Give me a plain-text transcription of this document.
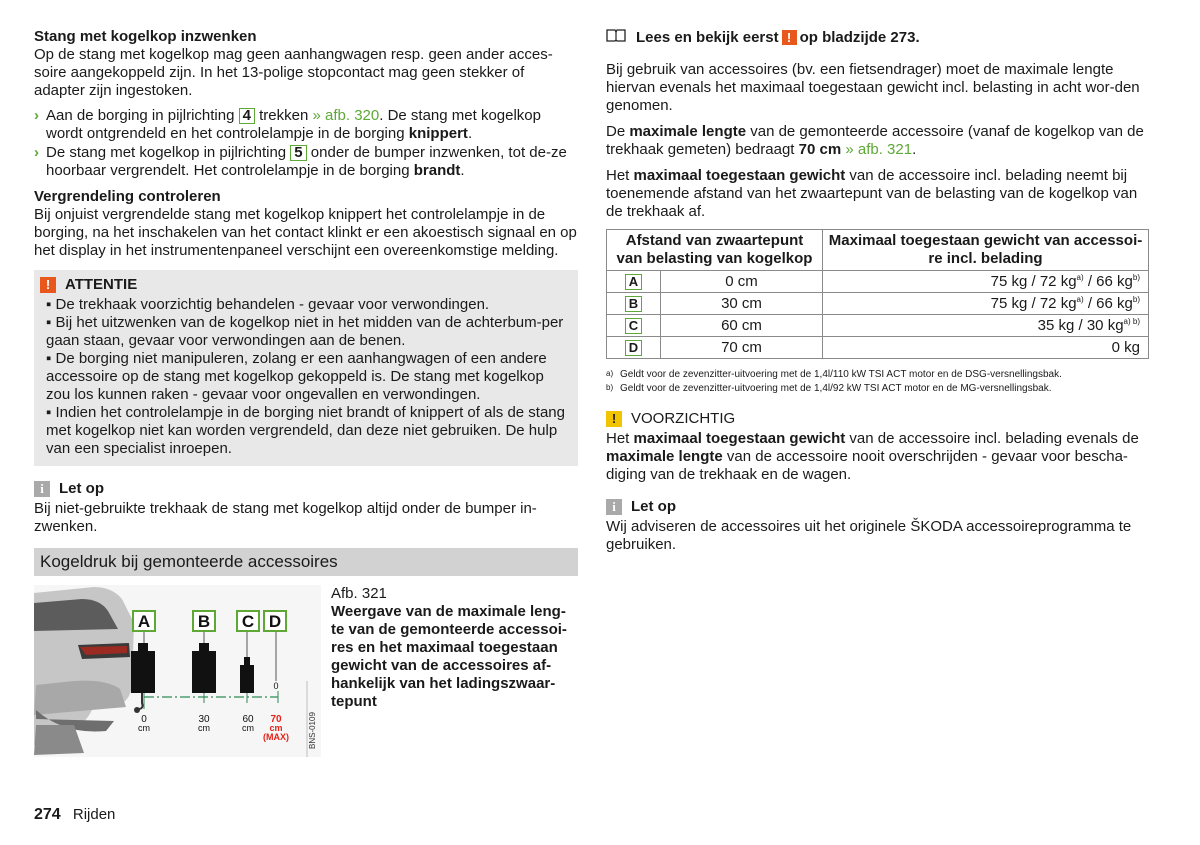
Stang met kogelkop inzwenken
Op de stang met kogelkop mag geen aanhangwagen resp. geen ander acces-soire aangekoppeld zijn. In het 13-polige stopcontact mag geen stekker of adapter zijn ingestoken.
› Aan de borging in pijlrichting 4 trekken » afb. 320. De stang met kogelkop wordt ontgrendeld en het controlelampje in de borging knippert.
› De stang met kogelkop in pijlrichting 5 onder de bumper inzwenken, tot de-ze hoorbaar vergrendelt. Het controlelampje in de borging brandt.
Vergrendeling controleren
Bij onjuist vergrendelde stang met kogelkop knippert het controlelampje in de borging, na het inschakelen van het contact klinkt er een akoestisch signaal en op het display in het instrumentenpaneel verschijnt een overeenkomstige melding.
! ATTENTIE
▪ De trekhaak voorzichtig behandelen - gevaar voor verwondingen.
▪ Bij het uitzwenken van de kogelkop niet in het midden van de achterbum-per gaan staan, gevaar voor verwondingen aan de benen.
▪ De borging niet manipuleren, zolang er een aanhangwagen of een andere accessoire op de stang met kogelkop gekoppeld is. De stang met kogelkop zou los kunnen raken - gevaar voor ongevallen en verwondingen.
▪ Indien het controlelampje in de borging niet brandt of knippert of als de stang met kogelkop niet kan worden vergrendeld, dan deze niet gebruiken. De hulp van een specialist inroepen.
i	Let op
Bij niet-gebruikte trekhaak de stang met kogelkop altijd onder de bumper in-zwenken.
Kogeldruk bij gemonteerde accessoires
A	B C D
0
0
cm
30
cm
60
cm
70
cm
(MAX) BNS-0109
Afb. 321
Weergave van de maximale leng-te van de gemonteerde accessoi-res en het maximaal toegestaan gewicht van de accessoires af-hankelijk van het ladingszwaar-tepunt
Lees en bekijk eerst ! op bladzijde 273.
Bij gebruik van accessoires (bv. een fietsendrager) moet de maximale lengte hiervan evenals het maximaal toegestaan gewicht incl. belasting in acht wor-den genomen.
De maximale lengte van de gemonteerde accessoire (vanaf de kogelkop van de trekhaak gemeten) bedraagt 70 cm » afb. 321.
Het maximaal toegestaan gewicht van de accessoire incl. belading neemt bij toenemende afstand van het zwaartepunt van de belasting van de kogelkop van de trekhaak af.
Afstand van zwaartepunt van belasting van kogelkop		Maximaal toegestaan gewicht van accessoi-re incl. belading
A	0 cm	75 kg / 72 $kg^{a)} / 66$ $kg^{b)}$
B	30 cm	75 kg / 72 $kg^{a)} / 66$ $kg^{b)}$
C	60 cm	35 kg / 30 $kg^{a) b)}$
D	70 cm	0 kg
a) Geldt voor de zevenzitter-uitvoering met de 1,4l/110 kW TSI ACT motor en de DSG-versnellingsbak.
b) Geldt voor de zevenzitter-uitvoering met de 1,4l/92 kW TSI ACT motor en de MG-versnellingsbak.
! VOORZICHTIG
Het maximaal toegestaan gewicht van de accessoire incl. belading evenals de maximale lengte van de accessoire nooit overschrijden - gevaar voor bescha-diging van de trekhaak en de wagen.
i	Let op
Wij adviseren de accessoires uit het originele ŠKODA accessoireprogramma te gebruiken.
274 Rijden
